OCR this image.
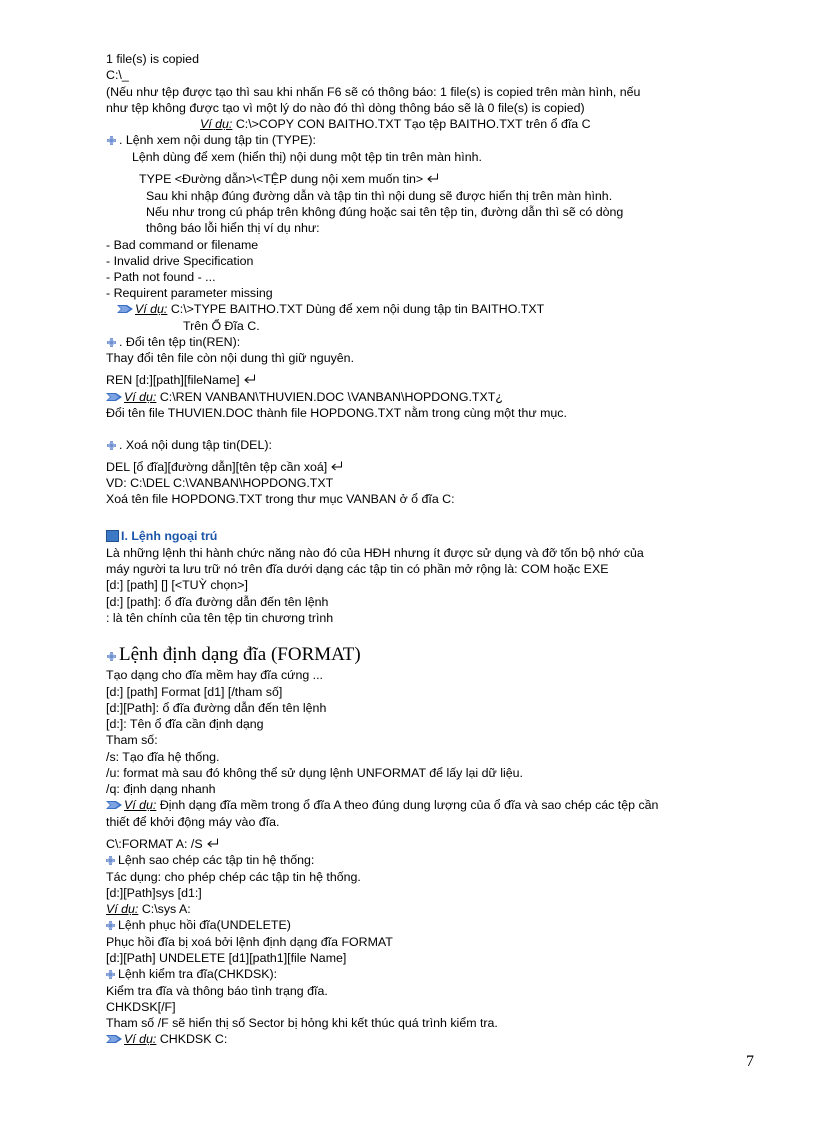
1 file(s) is copied
C:\_
(Nếu như tệp được tạo thì sau khi nhấn F6 sẽ có thông báo: 1 file(s) is copied trên màn hình, nếu
như tệp không được tạo vì một lý do nào đó thì dòng thông báo sẽ là 0 file(s) is copied)
Ví dụ: C:\>COPY CON BAITHO.TXT Tạo tệp BAITHO.TXT trên ổ đĩa C
. Lệnh xem nội dung tập tin (TYPE):
Lệnh dùng để xem (hiển thị) nội dung một tệp tin trên màn hình.
TYPE <Đường dẫn>\<TỆP dung nội xem muốn tin>
Sau khi nhập đúng đường dẫn và tập tin thì nội dung sẽ được hiển thị trên màn hình.
Nếu như trong cú pháp trên không đúng hoặc sai tên tệp tin, đường dẫn thì sẽ có dòng
thông báo lỗi hiển thị ví dụ như:
- Bad command or filename
- Invalid drive Specification
- Path not found - ...
- Requirent parameter missing
Ví dụ: C:\>TYPE BAITHO.TXT Dùng để xem nội dung tập tin BAITHO.TXT
Trên Ổ Đĩa C.
. Đổi tên tệp tin(REN):
Thay đổi tên file còn nội dung thì giữ nguyên.
REN [d:][path][fileName]
Ví dụ: C:\REN VANBAN\THUVIEN.DOC \VANBAN\HOPDONG.TXT¿
Đổi tên file THUVIEN.DOC thành file HOPDONG.TXT nằm trong cùng một thư mục.
. Xoá nội dung tập tin(DEL):
DEL [ổ đĩa][đường dẫn][tên tệp cần xoá]
VD: C:\DEL C:\VANBAN\HOPDONG.TXT
Xoá tên file HOPDONG.TXT trong thư mục VANBAN ở ổ đĩa C:
I. Lệnh ngoại trú
Là những lệnh thi hành chức năng nào đó của HĐH nhưng ít được sử dụng và đỡ tốn bộ nhớ của
máy người ta lưu trữ nó trên đĩa dưới dạng các tập tin có phần mở rộng là: COM hoặc EXE
[d:] [path] [] [<TUỲ chọn>]
[d:] [path]: ổ đĩa đường dẫn đến tên lệnh
: là tên chính của tên tệp tin chương trình
Lệnh định dạng đĩa (FORMAT)
Tạo dạng cho đĩa mềm hay đĩa cứng ...
[d:] [path] Format [d1] [/tham số]
[d:][Path]: ổ đĩa đường dẫn đến tên lệnh
[d:]: Tên ổ đĩa cần định dạng
Tham số:
/s: Tạo đĩa hệ thống.
/u: format mà sau đó không thể sử dụng lệnh UNFORMAT để lấy lại dữ liệu.
/q: định dạng nhanh
Ví dụ: Định dạng đĩa mềm trong ổ đĩa A theo đúng dung lượng của ổ đĩa và sao chép các tệp cần
thiết để khởi động máy vào đĩa.
C\:FORMAT A: /S
Lệnh sao chép các tập tin hệ thống:
Tác dụng: cho phép chép các tập tin hệ thống.
[d:][Path]sys [d1:]
Ví dụ: C:\sys A:
Lệnh phục hồi đĩa(UNDELETE)
Phục hồi đĩa bị xoá bởi lệnh định dạng đĩa FORMAT
[d:][Path] UNDELETE [d1][path1][file Name]
Lệnh kiểm tra đĩa(CHKDSK):
Kiểm tra đĩa và thông báo tình trạng đĩa.
CHKDSK[/F]
Tham số /F sẽ hiển thị số Sector bị hỏng khi kết thúc quá trình kiểm tra.
Ví dụ: CHKDSK C:
7
